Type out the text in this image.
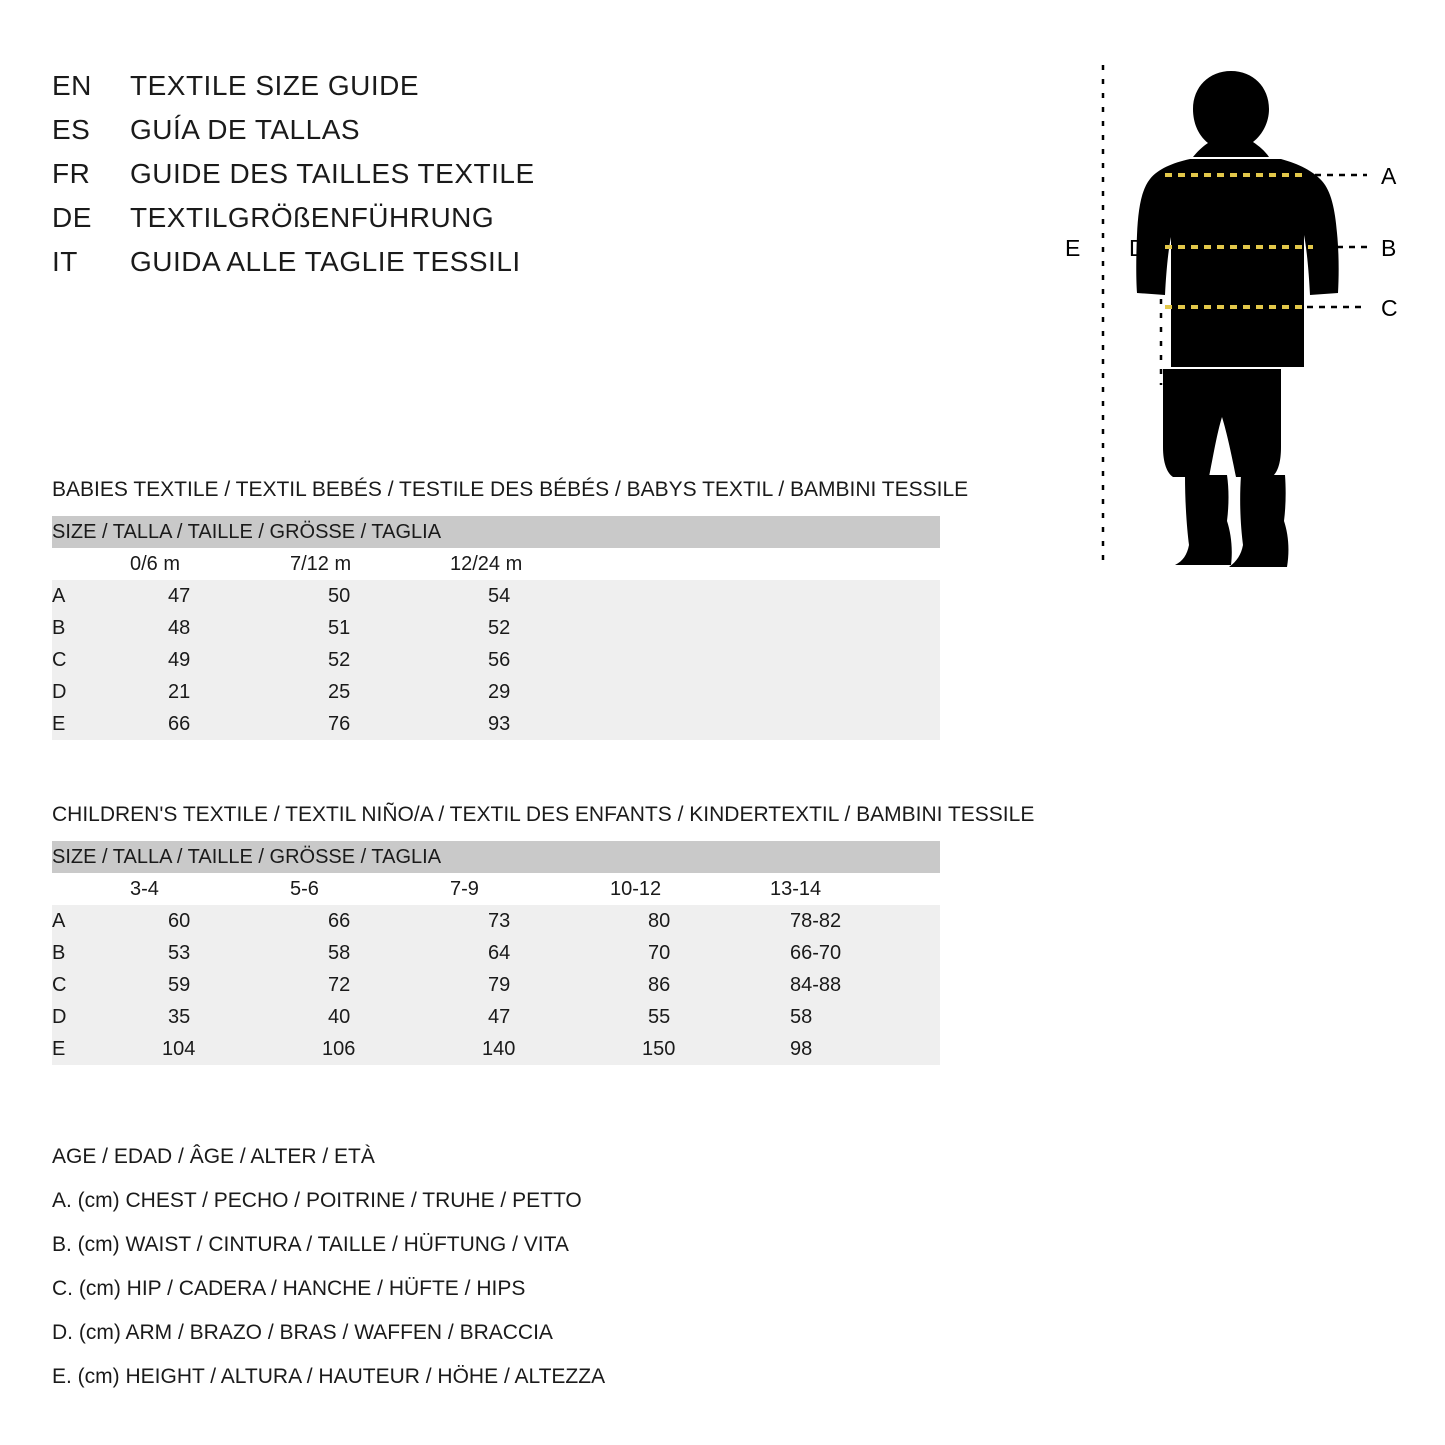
EN	TEXTILE SIZE GUIDE
ES	GUÍA DE TALLAS
FR	GUIDE DES TAILLES TEXTILE
DE	TEXTILGRÖßENFÜHRUNG
IT	GUIDA ALLE TAGLIE TESSILI
A
B
C
E D
BABIES TEXTILE / TEXTIL BEBÉS / TESTILE DES BÉBÉS / BABYS TEXTIL / BAMBINI TESSILE
SIZE / TALLA / TAILLE / GRÖSSE / TAGLIA				
	0/6 m	7/12 m	12/24 m	
A	47	50	54	
B	48	51	52	
C	49	52	56	
D	21	25	29	
E	66	76	93	
CHILDREN'S TEXTILE / TEXTIL NIÑO/A / TEXTIL DES ENFANTS / KINDERTEXTIL / BAMBINI TESSILE
SIZE / TALLA / TAILLE / GRÖSSE / TAGLIA					
	3-4	5-6	7-9	10-12	13-14
A	60	66	73	80	78-82
B	53	58	64	70	66-70
C	59	72	79	86	84-88
D	35	40	47	55	58
E	104	106	140	150	98
AGE / EDAD / ÂGE / ALTER / ETÀ
A. (cm) CHEST / PECHO / POITRINE / TRUHE / PETTO
B. (cm) WAIST / CINTURA / TAILLE / HÜFTUNG / VITA
C. (cm) HIP / CADERA / HANCHE / HÜFTE / HIPS
D. (cm) ARM / BRAZO / BRAS / WAFFEN / BRACCIA
E. (cm) HEIGHT / ALTURA / HAUTEUR / HÖHE / ALTEZZA
